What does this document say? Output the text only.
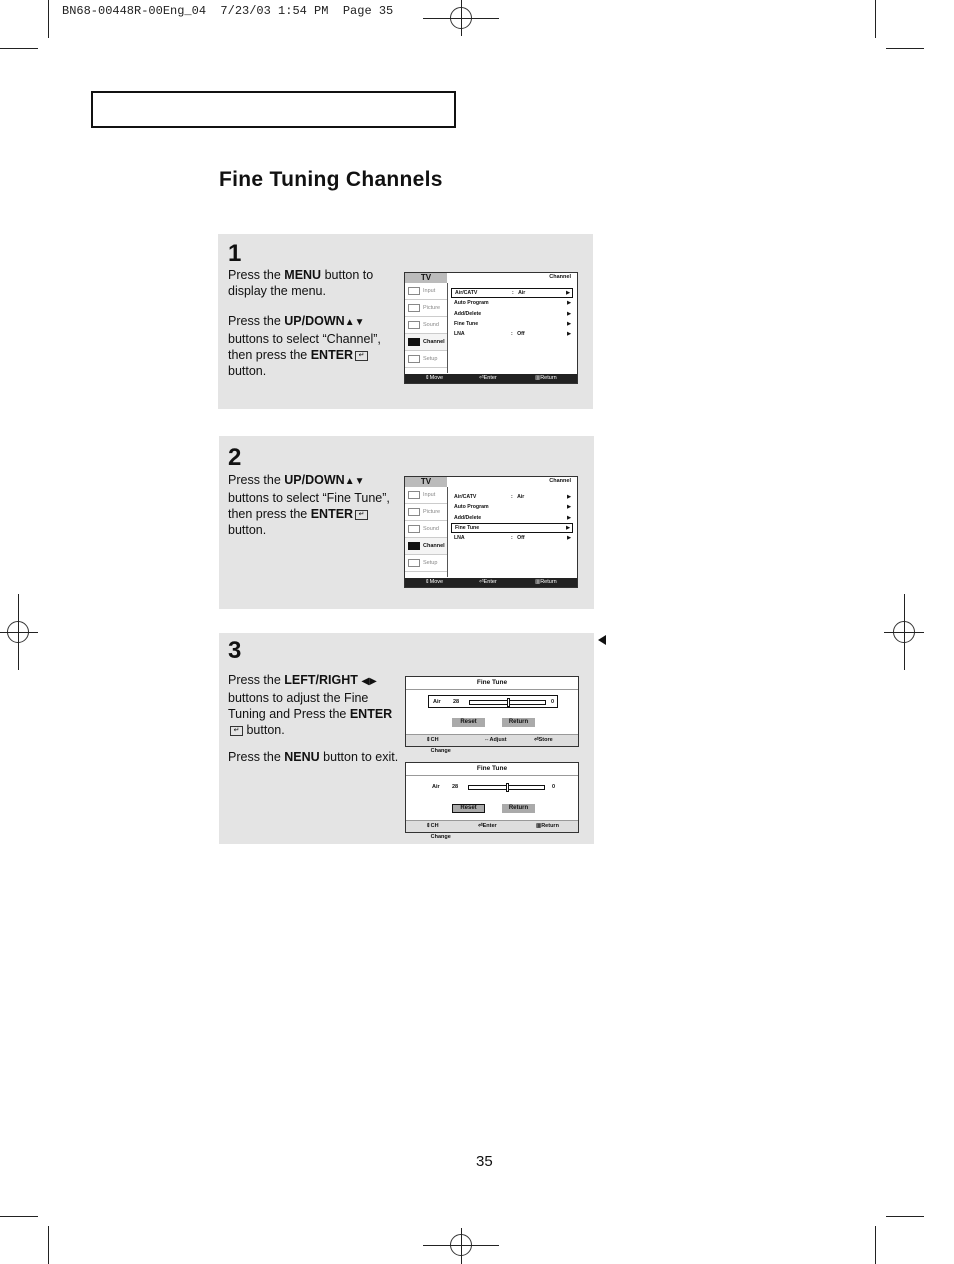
BN68-00448R-00Eng_04  7/23/03 1:54 PM  Page 35
Fine Tuning Channels
1

Press the MENU button to display the menu.

Press the UP/DOWN▲▼ buttons to select “Channel”, then press the ENTER ↵ button.

TV	Channel
Input
Picture
Sound
Channel
Setup
Air/CATV	: Air	▶
Auto Program	▶
Add/Delete	▶
Fine Tune	▶
LNA	: Off	▶
⇕ Move	⏎ Enter	▥ Return
2

Press the UP/DOWN▲▼ buttons to select “Fine Tune”, then press the ENTER ↵ button.

TV	Channel
Input
Picture
Sound
Channel
Setup
Air/CATV	: Air	▶
Auto Program	▶
Add/Delete	▶
Fine Tune	▶
LNA	: Off	▶
⇕ Move	⏎ Enter	▥ Return
3

Press the LEFT/RIGHT ◀▶ buttons to adjust the Fine Tuning and Press the ENTER↵ button.

Press the NENU button to exit.

Fine Tune
Air 28	0
Reset	Return
⇕ CH Change
⇔ Adjust	⏎ Store
Fine Tune
Air 28	0
Reset	Return
⇕ CH Change
⏎ Enter	▥ Return
35
